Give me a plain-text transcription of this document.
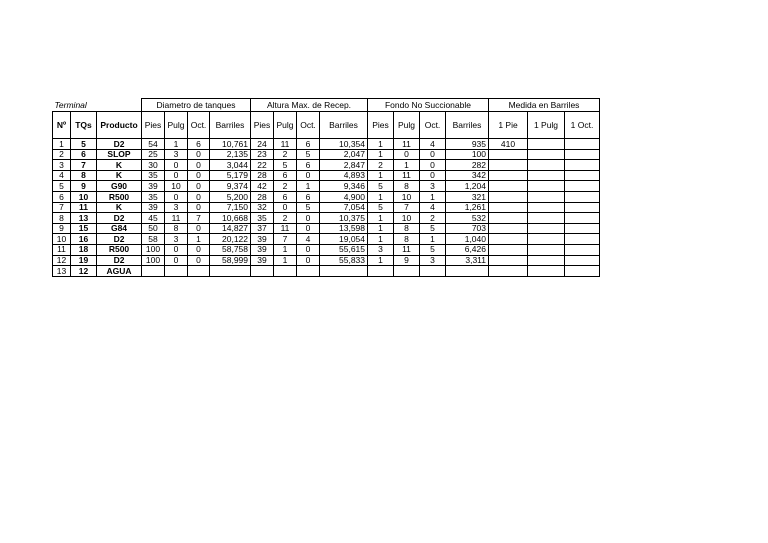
Terminal			Diametro de tanques				Altura Max. de Recep.				Fondo No Succionable				Medida en Barriles		
Nº	TQs	Producto	Pies	Pulg	Oct.	Barriles	Pies	Pulg	Oct.	Barriles	Pies	Pulg	Oct.	Barriles	1 Pie	1 Pulg	1 Oct.
1	5	D2	54	1	6	10,761	24	11	6	10,354	1	11	4	935	410		
2	6	SLOP	25	3	0	2,135	23	2	5	2,047	1	0	0	100			
3	7	K	30	0	0	3,044	22	5	6	2,847	2	1	0	282			
4	8	K	35	0	0	5,179	28	6	0	4,893	1	11	0	342			
5	9	G90	39	10	0	9,374	42	2	1	9,346	5	8	3	1,204			
6	10	R500	35	0	0	5,200	28	6	6	4,900	1	10	1	321			
7	11	K	39	3	0	7,150	32	0	5	7,054	5	7	4	1,261			
8	13	D2	45	11	7	10,668	35	2	0	10,375	1	10	2	532			
9	15	G84	50	8	0	14,827	37	11	0	13,598	1	8	5	703			
10	16	D2	58	3	1	20,122	39	7	4	19,054	1	8	1	1,040			
11	18	R500	100	0	0	58,758	39	1	0	55,615	3	11	5	6,426			
12	19	D2	100	0	0	58,999	39	1	0	55,833	1	9	3	3,311			
13	12	AGUA															
